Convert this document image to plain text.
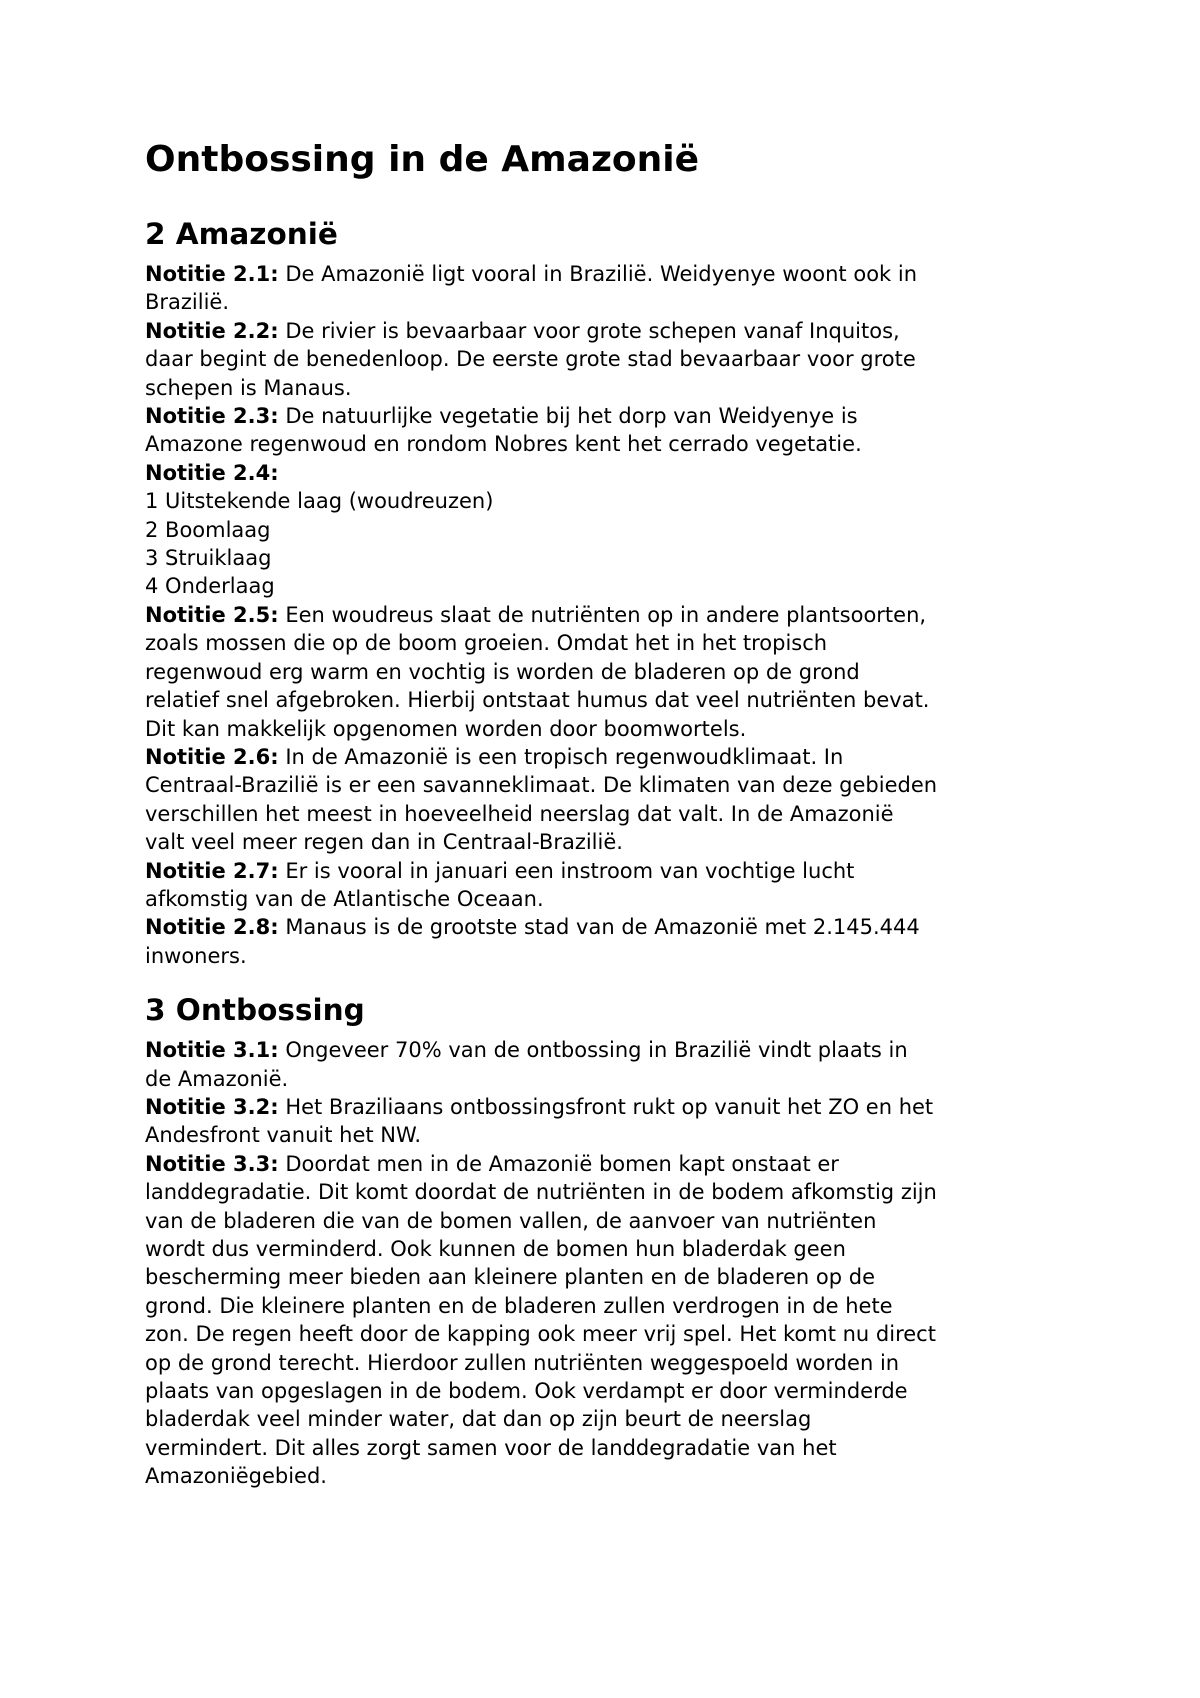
Ontbossing in de Amazonië
2 Amazonië

Notitie 2.1: De Amazonië ligt vooral in Brazilië. Weidyenye woont ook in
Brazilië.

Notitie 2.2: De rivier is bevaarbaar voor grote schepen vanaf Inquitos,
daar begint de benedenloop. De eerste grote stad bevaarbaar voor grote
schepen is Manaus.

Notitie 2.3: De natuurlijke vegetatie bij het dorp van Weidyenye is
Amazone regenwoud en rondom Nobres kent het cerrado vegetatie.

Notitie 2.4:
1 Uitstekende laag (woudreuzen)
2 Boomlaag
3 Struiklaag
4 Onderlaag

Notitie 2.5: Een woudreus slaat de nutriënten op in andere plantsoorten,
zoals mossen die op de boom groeien. Omdat het in het tropisch
regenwoud erg warm en vochtig is worden de bladeren op de grond
relatief snel afgebroken. Hierbij ontstaat humus dat veel nutriënten bevat.
Dit kan makkelijk opgenomen worden door boomwortels.

Notitie 2.6: In de Amazonië is een tropisch regenwoudklimaat. In
Centraal-Brazilië is er een savanneklimaat. De klimaten van deze gebieden
verschillen het meest in hoeveelheid neerslag dat valt. In de Amazonië
valt veel meer regen dan in Centraal-Brazilië.

Notitie 2.7: Er is vooral in januari een instroom van vochtige lucht
afkomstig van de Atlantische Oceaan.

Notitie 2.8: Manaus is de grootste stad van de Amazonië met 2.145.444
inwoners.

3 Ontbossing

Notitie 3.1: Ongeveer 70% van de ontbossing in Brazilië vindt plaats in
de Amazonië.

Notitie 3.2: Het Braziliaans ontbossingsfront rukt op vanuit het ZO en het
Andesfront vanuit het NW.

Notitie 3.3: Doordat men in de Amazonië bomen kapt onstaat er
landdegradatie. Dit komt doordat de nutriënten in de bodem afkomstig zijn
van de bladeren die van de bomen vallen, de aanvoer van nutriënten
wordt dus verminderd. Ook kunnen de bomen hun bladerdak geen
bescherming meer bieden aan kleinere planten en de bladeren op de
grond. Die kleinere planten en de bladeren zullen verdrogen in de hete
zon. De regen heeft door de kapping ook meer vrij spel. Het komt nu direct
op de grond terecht. Hierdoor zullen nutriënten weggespoeld worden in
plaats van opgeslagen in de bodem. Ook verdampt er door verminderde
bladerdak veel minder water, dat dan op zijn beurt de neerslag
vermindert. Dit alles zorgt samen voor de landdegradatie van het
Amazoniëgebied.
